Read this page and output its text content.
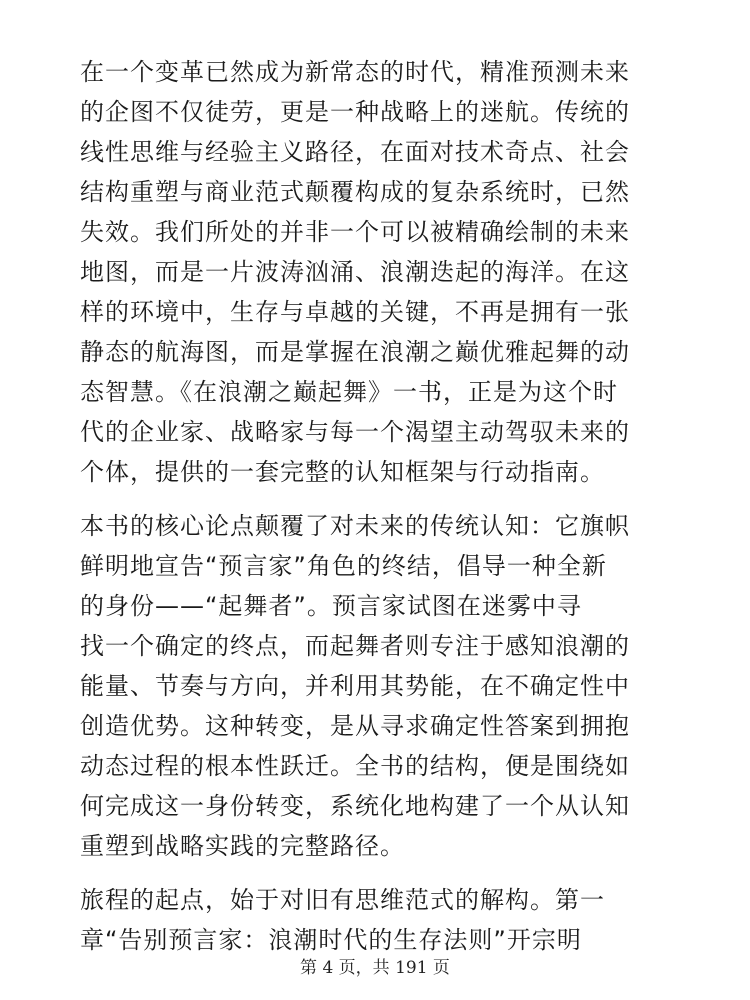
在一个变革已然成为新常态的时代，精准预测未来
的企图不仅徒劳，更是一种战略上的迷航。传统的
线性思维与经验主义路径，在面对技术奇点、社会
结构重塑与商业范式颠覆构成的复杂系统时，已然
失效。我们所处的并非一个可以被精确绘制的未来
地图，而是一片波涛汹涌、浪潮迭起的海洋。在这
样的环境中，生存与卓越的关键，不再是拥有一张
静态的航海图，而是掌握在浪潮之巅优雅起舞的动
态智慧。《在浪潮之巅起舞》一书，正是为这个时
代的企业家、战略家与每一个渴望主动驾驭未来的
个体，提供的一套完整的认知框架与行动指南。

本书的核心论点颠覆了对未来的传统认知：它旗帜
鲜明地宣告“预言家”角色的终结，倡导一种全新
的身份——“起舞者”。预言家试图在迷雾中寻
找一个确定的终点，而起舞者则专注于感知浪潮的
能量、节奏与方向，并利用其势能，在不确定性中
创造优势。这种转变，是从寻求确定性答案到拥抱
动态过程的根本性跃迁。全书的结构，便是围绕如
何完成这一身份转变，系统化地构建了一个从认知
重塑到战略实践的完整路径。

旅程的起点，始于对旧有思维范式的解构。第一
章“告别预言家：浪潮时代的生存法则”开宗明

第 4 页，共 191 页
